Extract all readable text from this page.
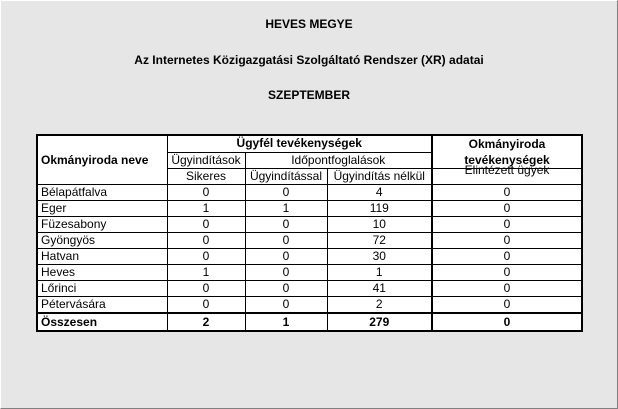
HEVES MEGYE
Az Internetes Közigazgatási Szolgáltató Rendszer (XR) adatai
SZEPTEMBER
Okmányiroda neve	Ügyfél tevékenységek			Okmányiroda tevékenységek
	Ügyindítások	Időpontfoglalások		
	Sikeres	Ügyindítással	Ügyindítás nélkül	Elintézett ügyek
Bélapátfalva	0	0	4	0
Eger	1	1	119	0
Füzesabony	0	0	10	0
Gyöngyös	0	0	72	0
Hatvan	0	0	30	0
Heves	1	0	1	0
Lőrinci	0	0	41	0
Pétervására	0	0	2	0
Összesen	2	1	279	0
